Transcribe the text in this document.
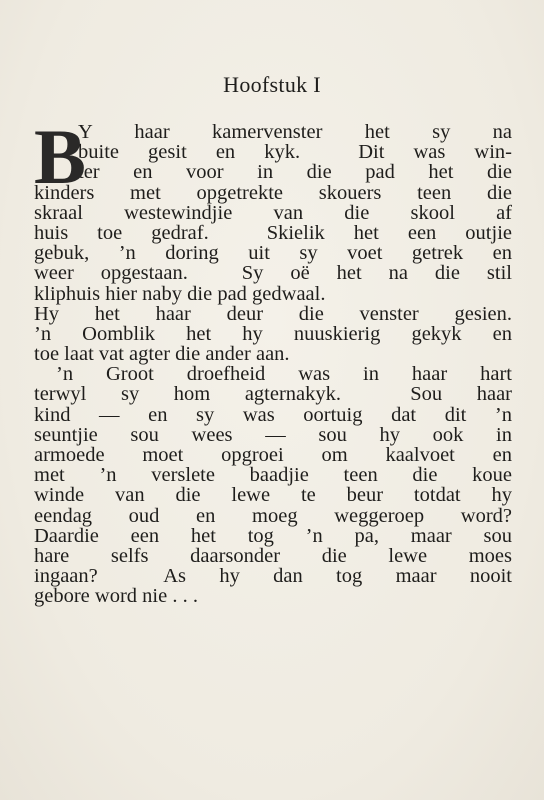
Hoofstuk I
B
Y haar kamervenster het sy na
buite gesit en kyk.  Dit was win-
ter en voor in die pad het die
kinders met opgetrekte skouers teen die
skraal westewindjie van die skool af
huis toe gedraf.  Skielik het een outjie
gebuk, ’n doring uit sy voet getrek en
weer opgestaan.  Sy oë het na die stil
kliphuis hier naby die pad gedwaal.
Hy het haar deur die venster gesien.
’n Oomblik het hy nuuskierig gekyk en
toe laat vat agter die ander aan.
’n Groot droefheid was in haar hart
terwyl sy hom agternakyk.  Sou haar
kind — en sy was oortuig dat dit ’n
seuntjie sou wees — sou hy ook in
armoede moet opgroei om kaalvoet en
met ’n verslete baadjie teen die koue
winde van die lewe te beur totdat hy
eendag oud en moeg weggeroep word?
Daardie een het tog ’n pa, maar sou
hare selfs daarsonder die lewe moes
ingaan?  As hy dan tog maar nooit
gebore word nie . . .
